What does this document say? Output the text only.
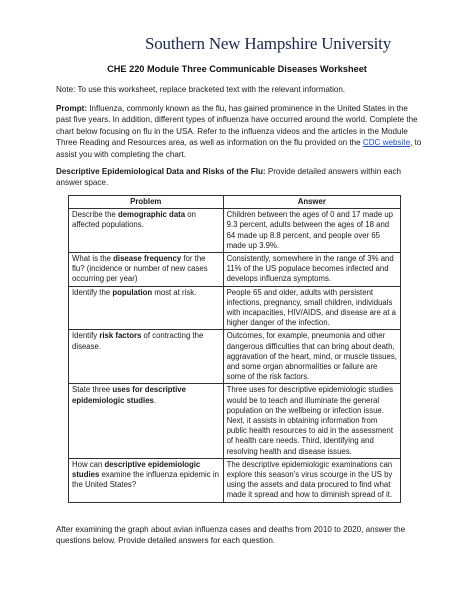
Southern New Hampshire University
CHE 220 Module Three Communicable Diseases Worksheet
Note: To use this worksheet, replace bracketed text with the relevant information.
Prompt: Influenza, commonly known as the flu, has gained prominence in the United States in the past five years. In addition, different types of influenza have occurred around the world. Complete the chart below focusing on flu in the USA. Refer to the influenza videos and the articles in the Module Three Reading and Resources area, as well as information on the flu provided on the CDC website, to assist you with completing the chart.
Descriptive Epidemiological Data and Risks of the Flu: Provide detailed answers within each answer space.
Problem	Answer
Describe the demographic data on affected populations.	Children between the ages of 0 and 17 made up 9.3 percent, adults between the ages of 18 and 64 made up 8.8 percent, and people over 65 made up 3.9%.
What is the disease frequency for the flu? (incidence or number of new cases occurring per year)	Consistently, somewhere in the range of 3% and 11% of the US populace becomes infected and develops influenza symptoms.
Identify the population most at risk.	People 65 and older, adults with persistent infections, pregnancy, small children, individuals with incapacities, HIV/AIDS, and disease are at a higher danger of the infection.
Identify risk factors of contracting the disease.	Outcomes, for example, pneumonia and other dangerous difficulties that can bring about death, aggravation of the heart, mind, or muscle tissues, and some organ abnormalities or failure are some of the risk factors.
State three uses for descriptive epidemiologic studies.	Three uses for descriptive epidemiologic studies would be to teach and illuminate the general population on the wellbeing or infection issue. Next, it assists in obtaining information from public health resources to aid in the assessment of health care needs. Third, identifying and resolving health and disease issues.
How can descriptive epidemiologic studies examine the influenza epidemic in the United States?	The descriptive epidemiologic examinations can explore this season's virus scourge in the US by using the assets and data procured to find what made it spread and how to diminish spread of it.
After examining the graph about avian influenza cases and deaths from 2010 to 2020, answer the questions below. Provide detailed answers for each question.
